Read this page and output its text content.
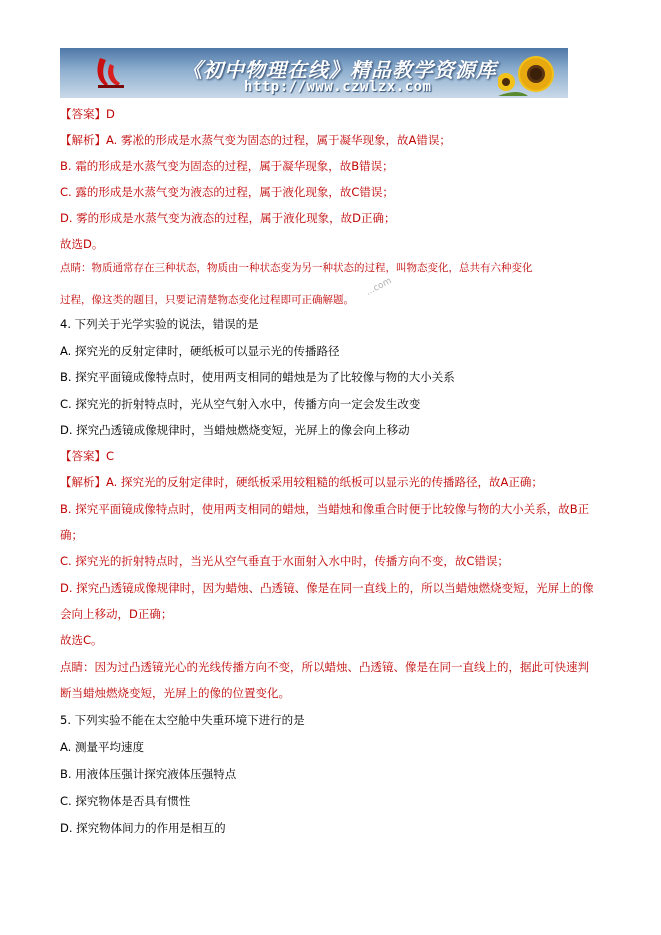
《初中物理在线》精品教学资源库
http://www.czwlzx.com
...com
【答案】D
【解析】A. 雾凇的形成是水蒸气变为固态的过程，属于凝华现象，故A错误；
B. 霜的形成是水蒸气变为固态的过程，属于凝华现象，故B错误；
C. 露的形成是水蒸气变为液态的过程，属于液化现象，故C错误；
D. 雾的形成是水蒸气变为液态的过程，属于液化现象，故D正确；
故选D。
点睛：物质通常存在三种状态，物质由一种状态变为另一种状态的过程，叫物态变化，总共有六种变化
过程，像这类的题目，只要记清楚物态变化过程即可正确解题。
4. 下列关于光学实验的说法，错误的是
A. 探究光的反射定律时，硬纸板可以显示光的传播路径
B. 探究平面镜成像特点时，使用两支相同的蜡烛是为了比较像与物的大小关系
C. 探究光的折射特点时，光从空气射入水中，传播方向一定会发生改变
D. 探究凸透镜成像规律时，当蜡烛燃烧变短，光屏上的像会向上移动
【答案】C
【解析】A. 探究光的反射定律时，硬纸板采用较粗糙的纸板可以显示光的传播路径，故A正确；
B. 探究平面镜成像特点时，使用两支相同的蜡烛，当蜡烛和像重合时便于比较像与物的大小关系，故B正
确；
C. 探究光的折射特点时，当光从空气垂直于水面射入水中时，传播方向不变，故C错误；
D. 探究凸透镜成像规律时，因为蜡烛、凸透镜、像是在同一直线上的，所以当蜡烛燃烧变短，光屏上的像
会向上移动，D正确；
故选C。
点睛：因为过凸透镜光心的光线传播方向不变，所以蜡烛、凸透镜、像是在同一直线上的，据此可快速判
断当蜡烛燃烧变短，光屏上的像的位置变化。
5. 下列实验不能在太空舱中失重环境下进行的是
A. 测量平均速度
B. 用液体压强计探究液体压强特点
C. 探究物体是否具有惯性
D. 探究物体间力的作用是相互的
